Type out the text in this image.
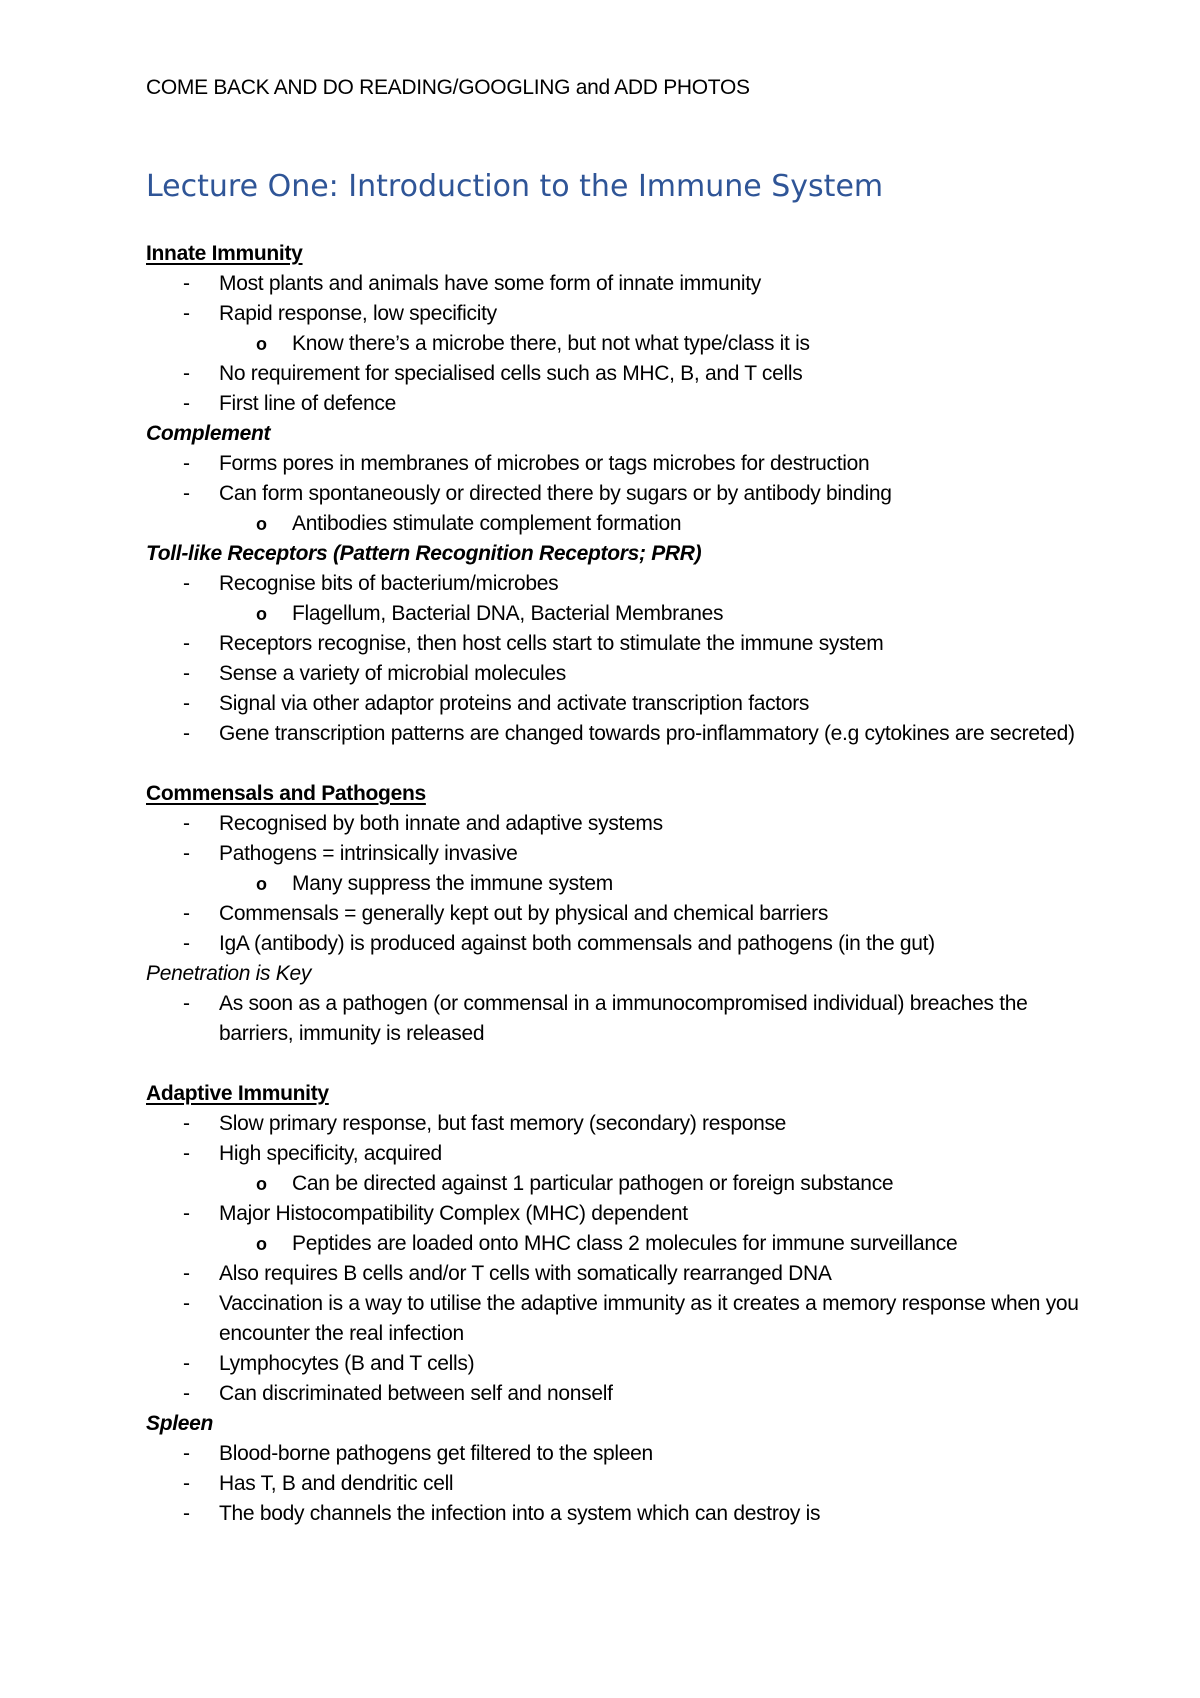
COME BACK AND DO READING/GOOGLING and ADD PHOTOS
Lecture One: Introduction to the Immune System
Innate Immunity
- Most plants and animals have some form of innate immunity
- Rapid response, low specificity
o Know there’s a microbe there, but not what type/class it is
- No requirement for specialised cells such as MHC, B, and T cells
- First line of defence
Complement
- Forms pores in membranes of microbes or tags microbes for destruction
- Can form spontaneously or directed there by sugars or by antibody binding
o Antibodies stimulate complement formation
Toll-like Receptors (Pattern Recognition Receptors; PRR)
- Recognise bits of bacterium/microbes
o Flagellum, Bacterial DNA, Bacterial Membranes
- Receptors recognise, then host cells start to stimulate the immune system
- Sense a variety of microbial molecules
- Signal via other adaptor proteins and activate transcription factors
- Gene transcription patterns are changed towards pro-inflammatory (e.g cytokines are secreted)
Commensals and Pathogens
- Recognised by both innate and adaptive systems
- Pathogens = intrinsically invasive
o Many suppress the immune system
- Commensals = generally kept out by physical and chemical barriers
- IgA (antibody) is produced against both commensals and pathogens (in the gut)
Penetration is Key
- As soon as a pathogen (or commensal in a immunocompromised individual) breaches the barriers, immunity is released
Adaptive Immunity
- Slow primary response, but fast memory (secondary) response
- High specificity, acquired
o Can be directed against 1 particular pathogen or foreign substance
- Major Histocompatibility Complex (MHC) dependent
o Peptides are loaded onto MHC class 2 molecules for immune surveillance
- Also requires B cells and/or T cells with somatically rearranged DNA
- Vaccination is a way to utilise the adaptive immunity as it creates a memory response when you encounter the real infection
- Lymphocytes (B and T cells)
- Can discriminated between self and nonself
Spleen
- Blood-borne pathogens get filtered to the spleen
- Has T, B and dendritic cell
- The body channels the infection into a system which can destroy is
